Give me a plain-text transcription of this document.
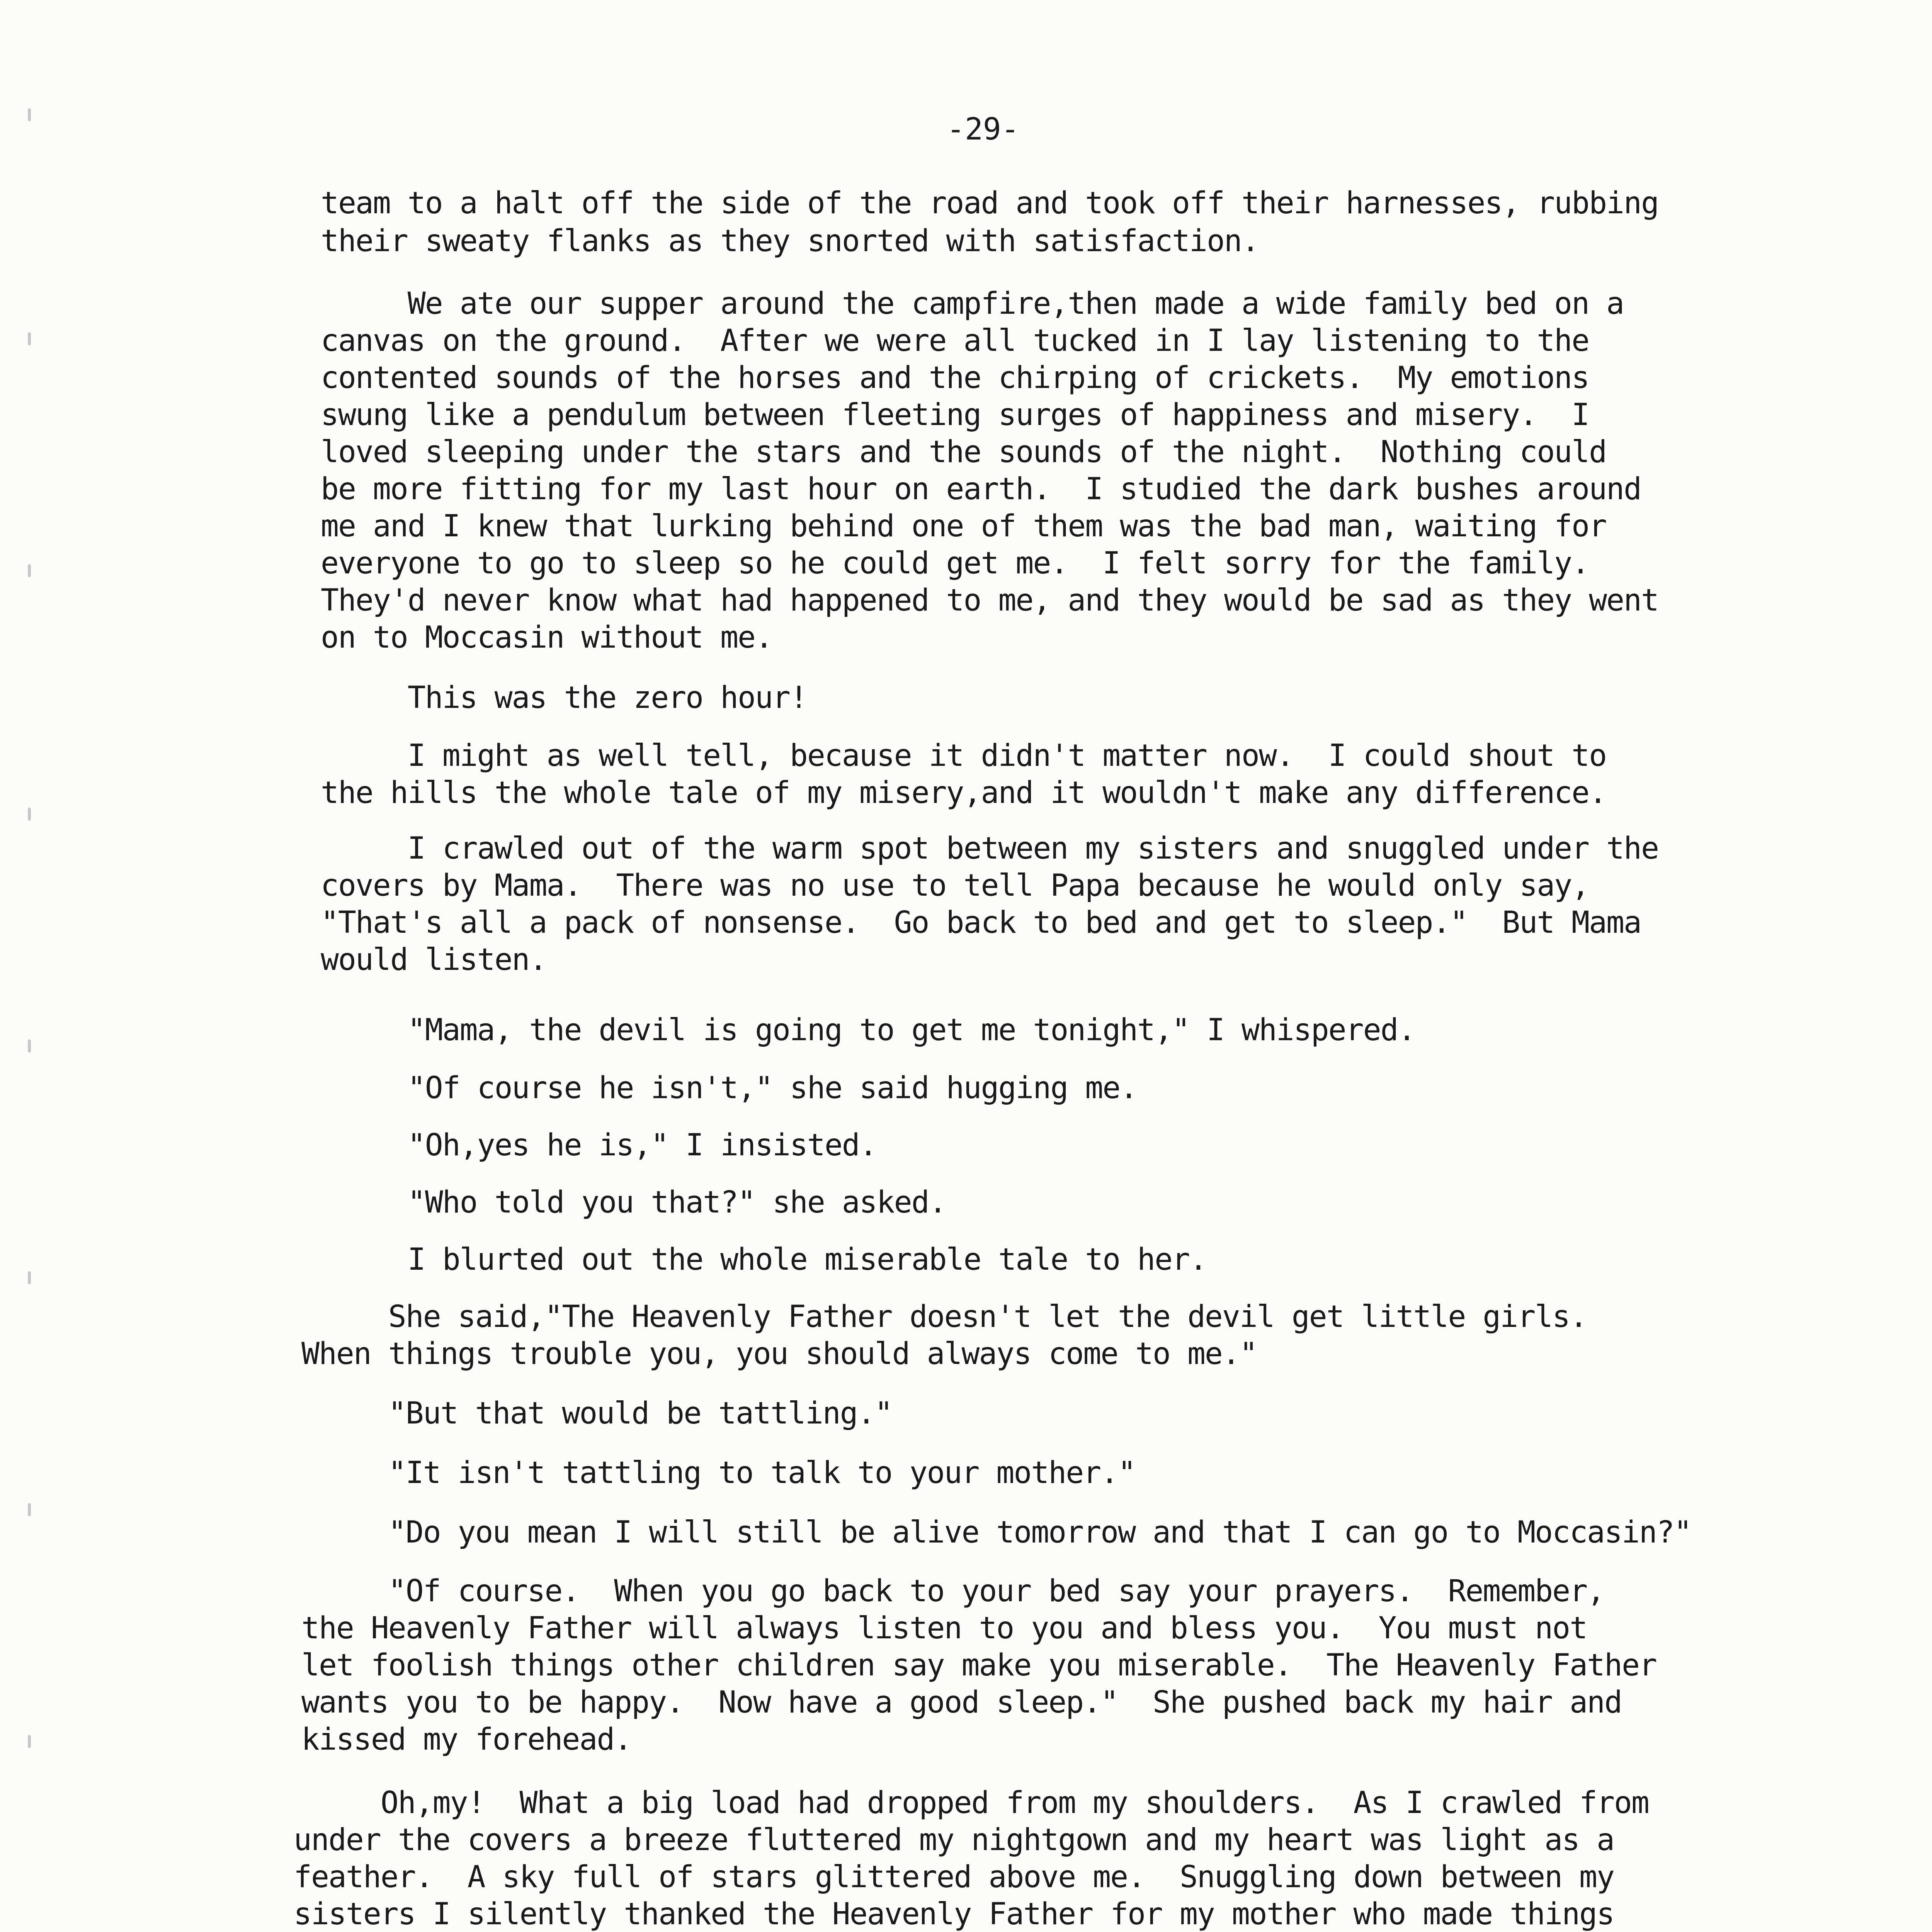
-29-
team to a halt off the side of the road and took off their harnesses, rubbing
their sweaty flanks as they snorted with satisfaction.
We ate our supper around the campfire,then made a wide family bed on a
canvas on the ground.  After we were all tucked in I lay listening to the
contented sounds of the horses and the chirping of crickets.  My emotions
swung like a pendulum between fleeting surges of happiness and misery.  I
loved sleeping under the stars and the sounds of the night.  Nothing could
be more fitting for my last hour on earth.  I studied the dark bushes around
me and I knew that lurking behind one of them was the bad man, waiting for
everyone to go to sleep so he could get me.  I felt sorry for the family.
They'd never know what had happened to me, and they would be sad as they went
on to Moccasin without me.
This was the zero hour!
I might as well tell, because it didn't matter now.  I could shout to
the hills the whole tale of my misery,and it wouldn't make any difference.
I crawled out of the warm spot between my sisters and snuggled under the
covers by Mama.  There was no use to tell Papa because he would only say,
"That's all a pack of nonsense.  Go back to bed and get to sleep."  But Mama
would listen.
"Mama, the devil is going to get me tonight," I whispered.
"Of course he isn't," she said hugging me.
"Oh,yes he is," I insisted.
"Who told you that?" she asked.
I blurted out the whole miserable tale to her.
She said,"The Heavenly Father doesn't let the devil get little girls.
When things trouble you, you should always come to me."
"But that would be tattling."
"It isn't tattling to talk to your mother."
"Do you mean I will still be alive tomorrow and that I can go to Moccasin?"
"Of course.  When you go back to your bed say your prayers.  Remember,
the Heavenly Father will always listen to you and bless you.  You must not
let foolish things other children say make you miserable.  The Heavenly Father
wants you to be happy.  Now have a good sleep."  She pushed back my hair and
kissed my forehead.
Oh,my!  What a big load had dropped from my shoulders.  As I crawled from
under the covers a breeze fluttered my nightgown and my heart was light as a
feather.  A sky full of stars glittered above me.  Snuggling down between my
sisters I silently thanked the Heavenly Father for my mother who made things
